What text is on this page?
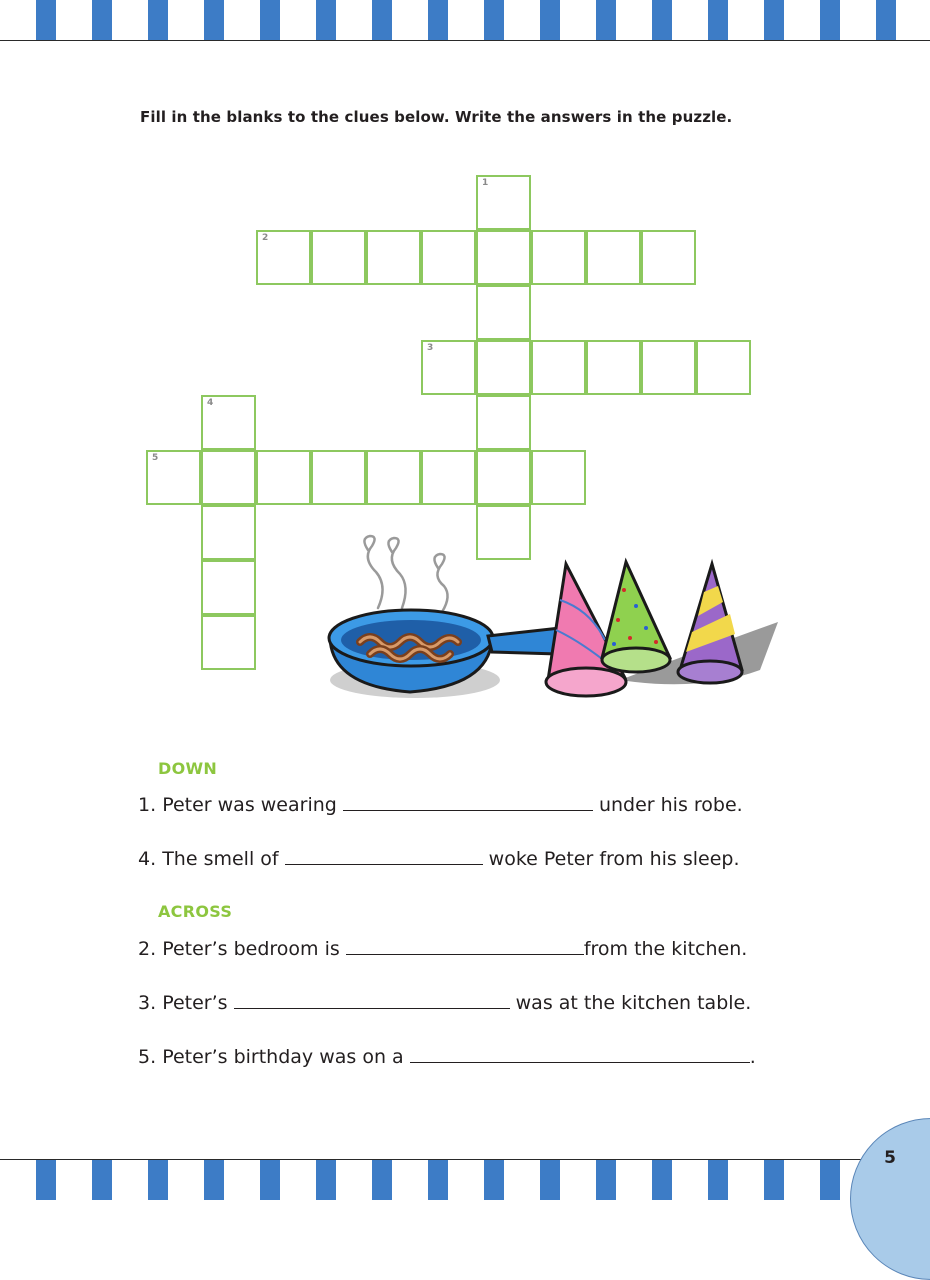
Fill in the blanks to the clues below. Write the answers in the puzzle.
1
2
3
4
5
DOWN
1. Peter was wearing	under his robe.
4. The smell of	woke Peter from his sleep.
ACROSS
2. Peter’s bedroom is	from the kitchen.
3. Peter’s	was at the kitchen table.
5. Peter’s birthday was on a	.
5
